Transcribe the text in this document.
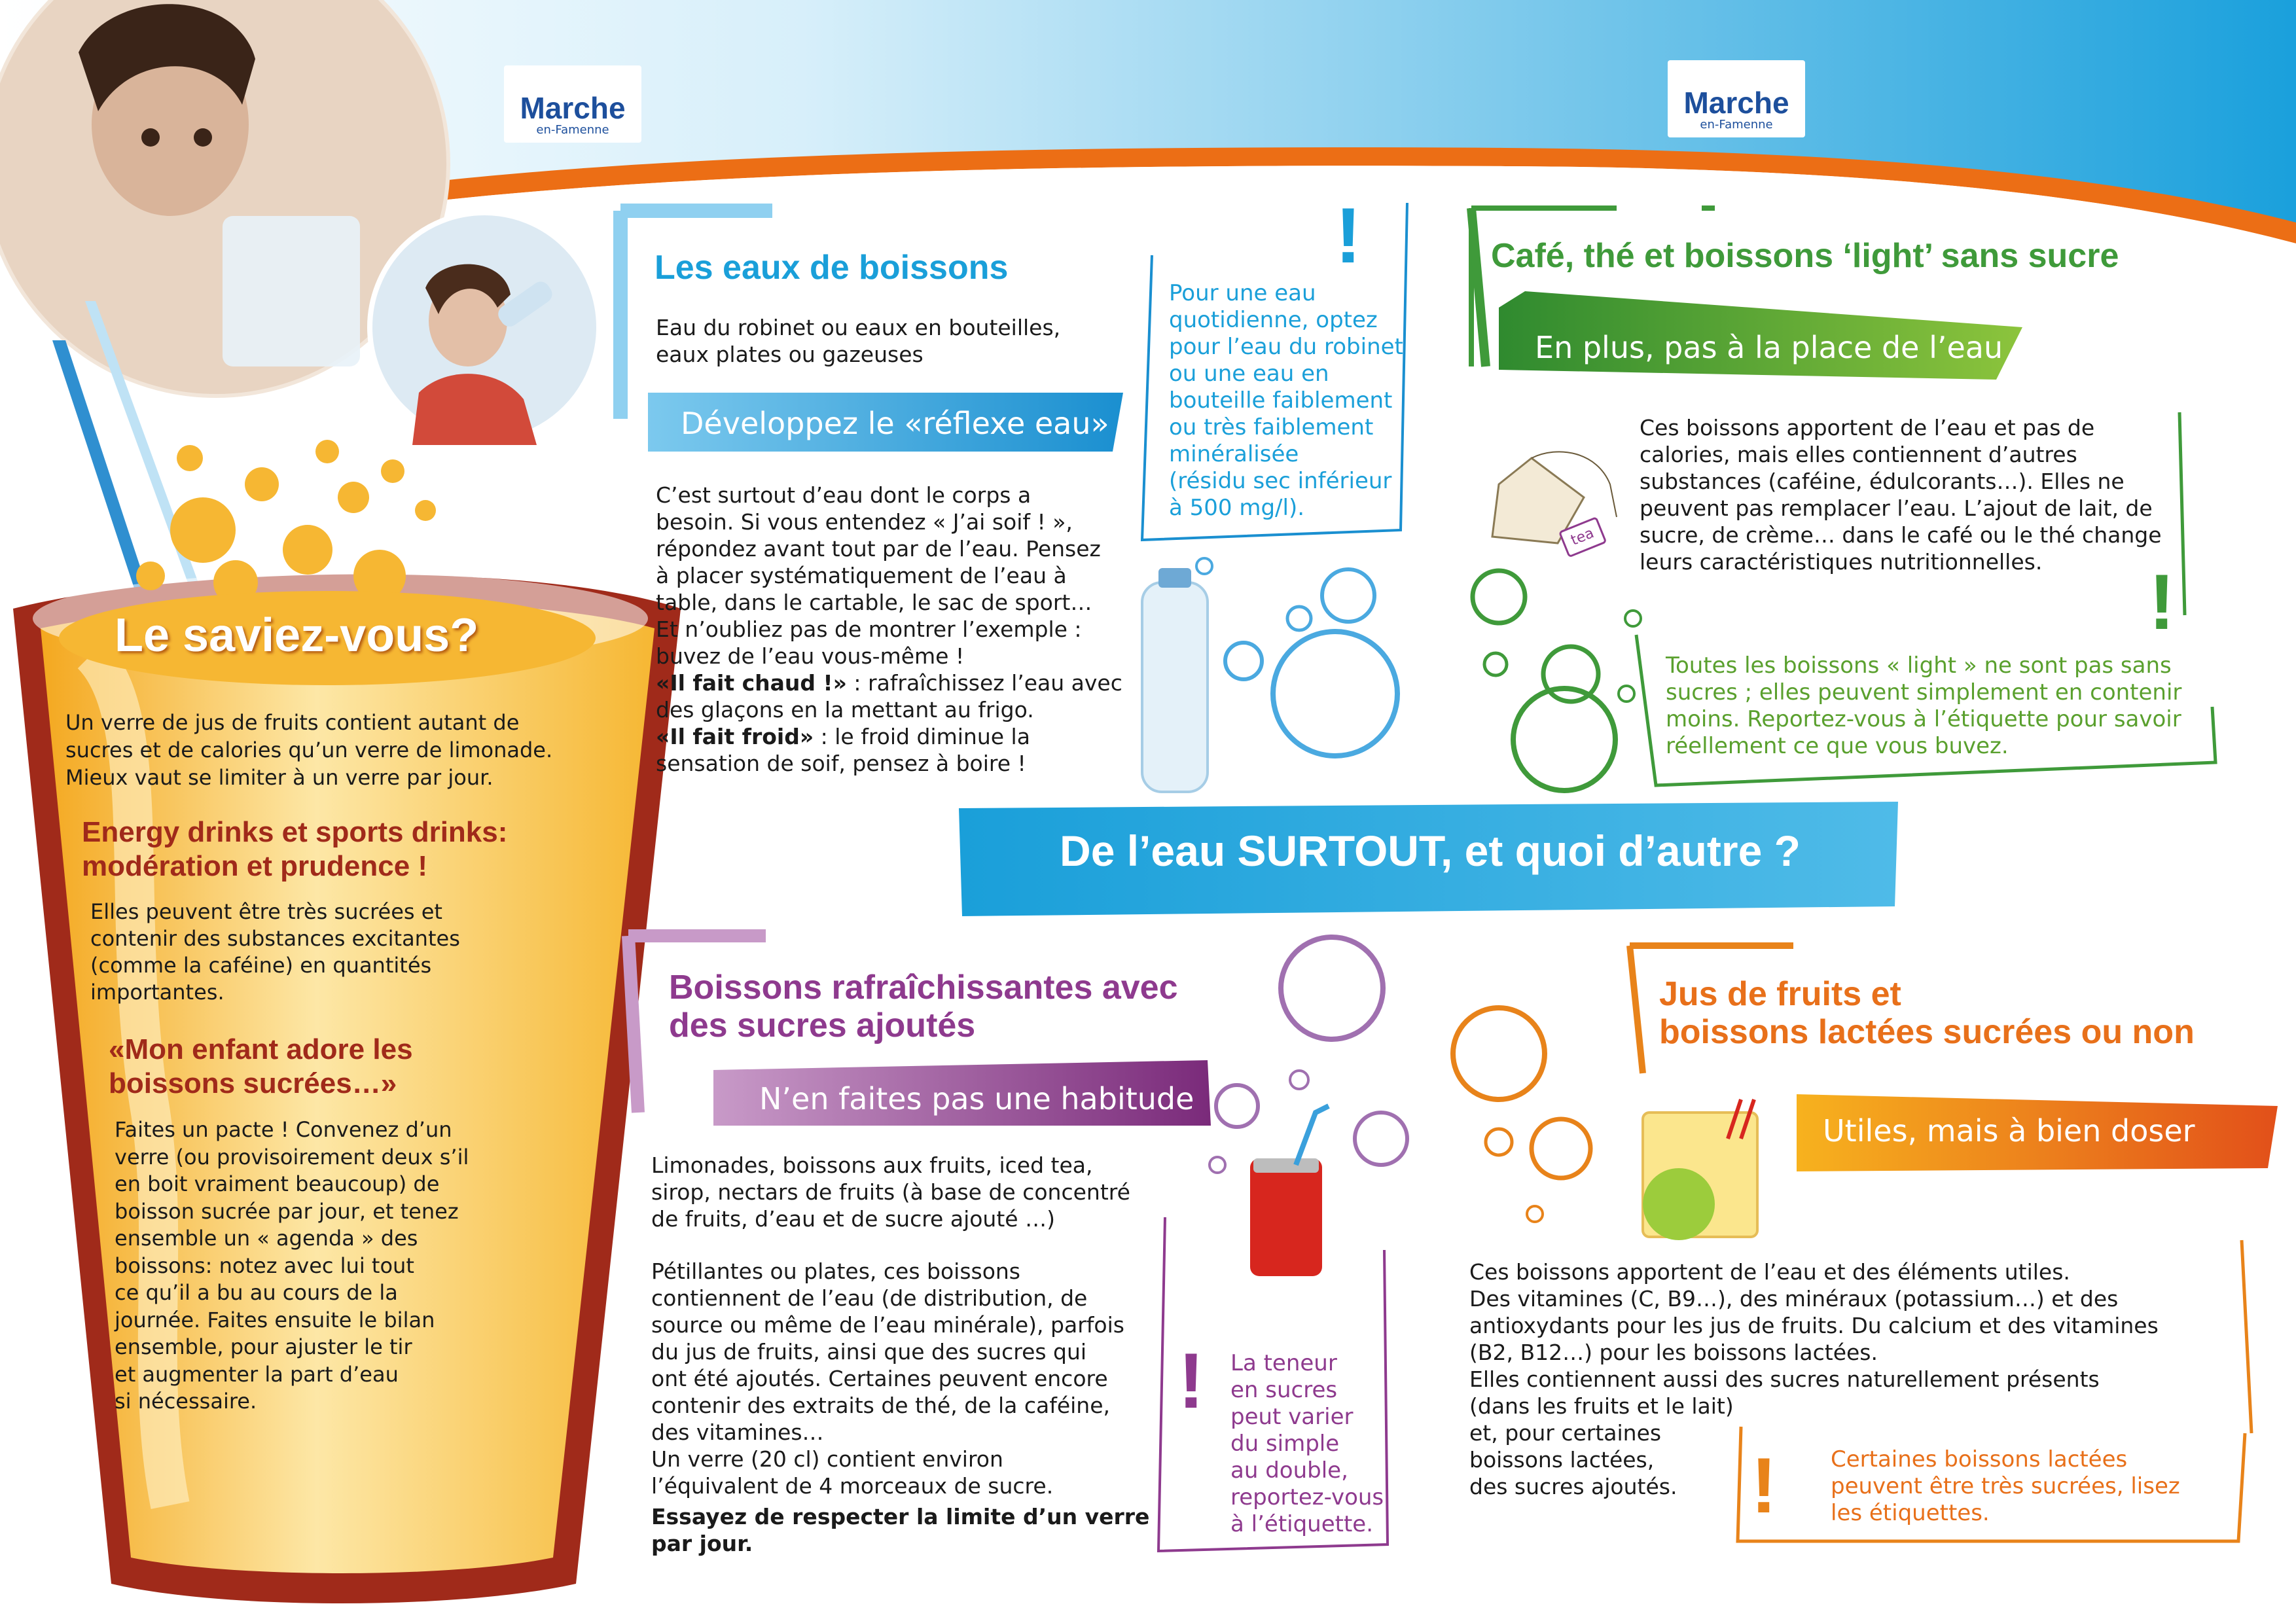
Marche
en-Famenne
Marche
en-Famenne
Le saviez-vous?
Un verre de jus de fruits contient autant de
sucres et de calories qu’un verre de limonade.
Mieux vaut se limiter à un verre par jour.
Energy drinks et sports drinks:
modération et prudence !
Elles peuvent être très sucrées et
contenir des substances excitantes
(comme la caféine) en quantités
importantes.
«Mon enfant adore les
boissons sucrées…»
Faites un pacte ! Convenez d’un
verre (ou provisoirement deux s’il
en boit vraiment beaucoup) de
boisson sucrée par jour, et tenez
ensemble un « agenda » des
boissons: notez avec lui tout
ce qu’il a bu au cours de la
journée. Faites ensuite le bilan
ensemble, pour ajuster le tir
et augmenter la part d’eau
si nécessaire.
Les eaux de boissons
Eau du robinet ou eaux en bouteilles,
eaux plates ou gazeuses
Développez le «réflexe eau»
C’est surtout d’eau dont le corps a
besoin. Si vous entendez « J’ai soif ! »,
répondez avant tout par de l’eau. Pensez
à placer systématiquement de l’eau à
table, dans le cartable, le sac de sport…
Et n’oubliez pas de montrer l’exemple :
buvez de l’eau vous-même !
«Il fait chaud !» : rafraîchissez l’eau avec
des glaçons en la mettant au frigo.
«Il fait froid» : le froid diminue la
sensation de soif, pensez à boire !
!
Pour une eau
quotidienne, optez
pour l’eau du robinet
ou une eau en
bouteille faiblement
ou très faiblement
minéralisée
(résidu sec inférieur
à 500 mg/l).
Café, thé et boissons ‘light’ sans sucre
En plus, pas à la place de l’eau
Ces boissons apportent de l’eau et pas de
calories, mais elles contiennent d’autres
substances (caféine, édulcorants…). Elles ne
peuvent pas remplacer l’eau. L’ajout de lait, de
sucre, de crème… dans le café ou le thé change
leurs caractéristiques nutritionnelles.
tea
!
Toutes les boissons « light » ne sont pas sans
sucres ; elles peuvent simplement en contenir
moins. Reportez-vous à l’étiquette pour savoir
réellement ce que vous buvez.
De l’eau SURTOUT, et quoi d’autre ?
Boissons rafraîchissantes avec
des sucres ajoutés
N’en faites pas une habitude
Limonades, boissons aux fruits, iced tea,
sirop, nectars de fruits (à base de concentré
de fruits, d’eau et de sucre ajouté …)
Pétillantes ou plates, ces boissons
contiennent de l’eau (de distribution, de
source ou même de l’eau minérale), parfois
du jus de fruits, ainsi que des sucres qui
ont été ajoutés. Certaines peuvent encore
contenir des extraits de thé, de la caféine,
des vitamines…
Un verre (20 cl) contient environ
l’équivalent de 4 morceaux de sucre.
Essayez de respecter la limite d’un verre
par jour.
! La teneur
en sucres
peut varier
du simple
au double,
reportez-vous
à l’étiquette.
Jus de fruits et
boissons lactées sucrées ou non
Utiles, mais à bien doser
Ces boissons apportent de l’eau et des éléments utiles.
Des vitamines (C, B9…), des minéraux (potassium…) et des
antioxydants pour les jus de fruits. Du calcium et des vitamines
(B2, B12…) pour les boissons lactées.
Elles contiennent aussi des sucres naturellement présents
(dans les fruits et le lait)
et, pour certaines
boissons lactées,
des sucres ajoutés. ! Certaines boissons lactées
peuvent être très sucrées, lisez
les étiquettes.
